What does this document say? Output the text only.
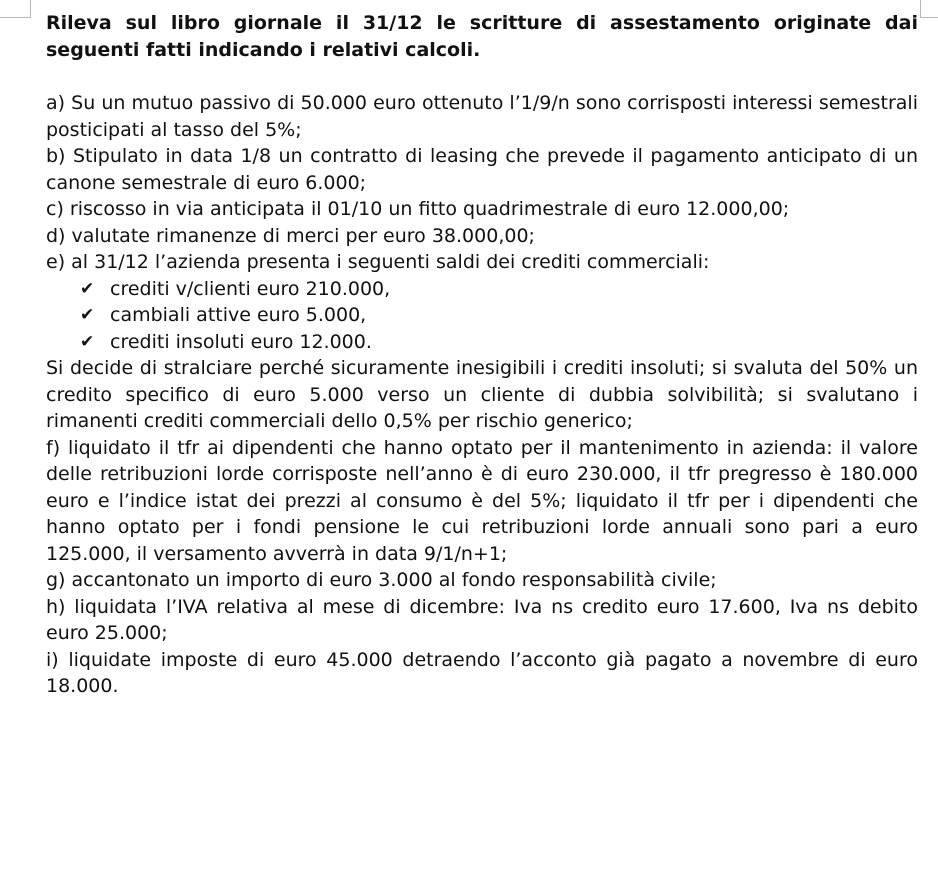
Rileva sul libro giornale il 31/12 le scritture di assestamento originate dai seguenti fatti indicando i relativi calcoli.

a) Su un mutuo passivo di 50.000 euro ottenuto l’1/9/n sono corrisposti interessi semestrali posticipati al tasso del 5%;

b) Stipulato in data 1/8 un contratto di leasing che prevede il pagamento anticipato di un canone semestrale di euro 6.000;

c) riscosso in via anticipata il 01/10 un fitto quadrimestrale di euro 12.000,00;

d) valutate rimanenze di merci per euro 38.000,00;

e) al 31/12 l’azienda presenta i seguenti saldi dei crediti commerciali:

✔ crediti v/clienti euro 210.000,
✔ cambiali attive euro 5.000,
✔ crediti insoluti euro 12.000.

Si decide di stralciare perché sicuramente inesigibili i crediti insoluti; si svaluta del 50% un credito specifico di euro 5.000 verso un cliente di dubbia solvibilità; si svalutano i rimanenti crediti commerciali dello 0,5% per rischio generico;

f) liquidato il tfr ai dipendenti che hanno optato per il mantenimento in azienda: il valore delle retribuzioni lorde corrisposte nell’anno è di euro 230.000, il tfr pregresso è 180.000 euro e l’indice istat dei prezzi al consumo è del 5%; liquidato il tfr per i dipendenti che hanno optato per i fondi pensione le cui retribuzioni lorde annuali sono pari a euro 125.000, il versamento avverrà in data 9/1/n+1;

g) accantonato un importo di euro 3.000 al fondo responsabilità civile;

h) liquidata l’IVA relativa al mese di dicembre: Iva ns credito euro 17.600, Iva ns debito euro 25.000;

i) liquidate imposte di euro 45.000 detraendo l’acconto già pagato a novembre di euro 18.000.
